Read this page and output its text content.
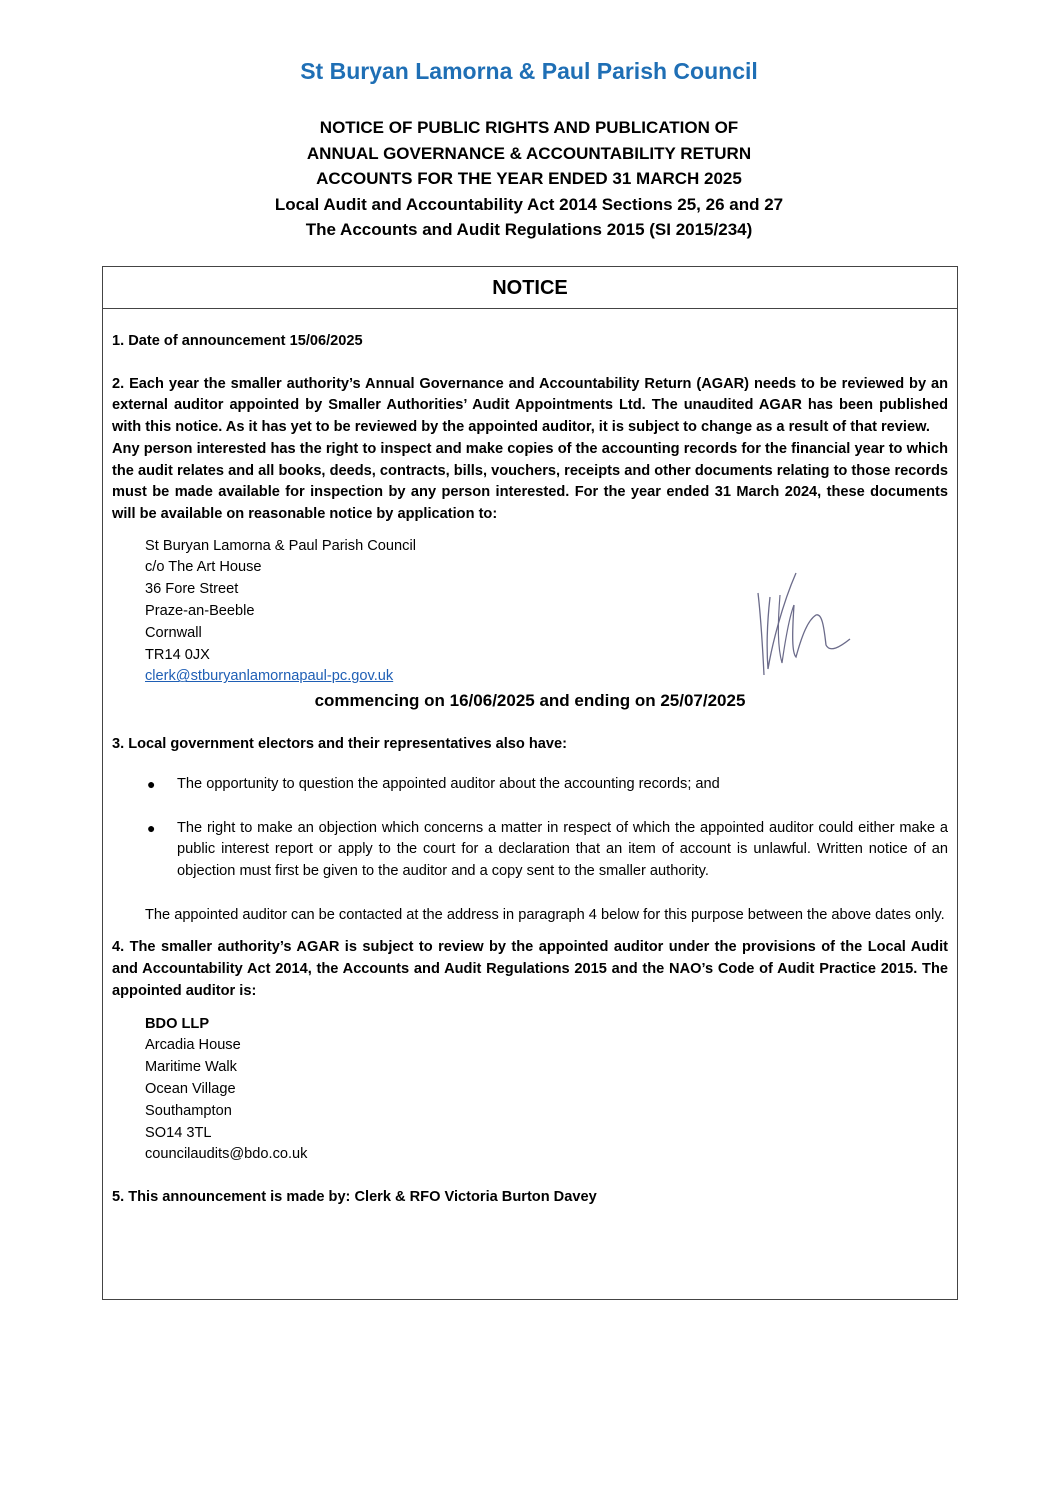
St Buryan Lamorna & Paul Parish Council
NOTICE OF PUBLIC RIGHTS AND PUBLICATION OF
ANNUAL GOVERNANCE & ACCOUNTABILITY RETURN
ACCOUNTS FOR THE YEAR ENDED 31 MARCH 2025
Local Audit and Accountability Act 2014 Sections 25, 26 and 27
The Accounts and Audit Regulations 2015 (SI 2015/234)
NOTICE
1. Date of announcement 15/06/2025
2. Each year the smaller authority’s Annual Governance and Accountability Return (AGAR) needs to be reviewed by an external auditor appointed by Smaller Authorities’ Audit Appointments Ltd. The unaudited AGAR has been published with this notice. As it has yet to be reviewed by the appointed auditor, it is subject to change as a result of that review.
Any person interested has the right to inspect and make copies of the accounting records for the financial year to which the audit relates and all books, deeds, contracts, bills, vouchers, receipts and other documents relating to those records must be made available for inspection by any person interested. For the year ended 31 March 2024, these documents will be available on reasonable notice by application to:
St Buryan Lamorna & Paul Parish Council
c/o The Art House
36 Fore Street
Praze-an-Beeble
Cornwall
TR14 0JX
clerk@stburyanlamornapaul-pc.gov.uk
commencing on 16/06/2025 and ending on 25/07/2025
3. Local government electors and their representatives also have:
● The opportunity to question the appointed auditor about the accounting records; and
● The right to make an objection which concerns a matter in respect of which the appointed auditor could either make a public interest report or apply to the court for a declaration that an item of account is unlawful. Written notice of an objection must first be given to the auditor and a copy sent to the smaller authority.
The appointed auditor can be contacted at the address in paragraph 4 below for this purpose between the above dates only.
4. The smaller authority’s AGAR is subject to review by the appointed auditor under the provisions of the Local Audit and Accountability Act 2014, the Accounts and Audit Regulations 2015 and the NAO’s Code of Audit Practice 2015. The appointed auditor is:
BDO LLP
Arcadia House
Maritime Walk
Ocean Village
Southampton
SO14 3TL
councilaudits@bdo.co.uk
5. This announcement is made by: Clerk & RFO Victoria Burton Davey
